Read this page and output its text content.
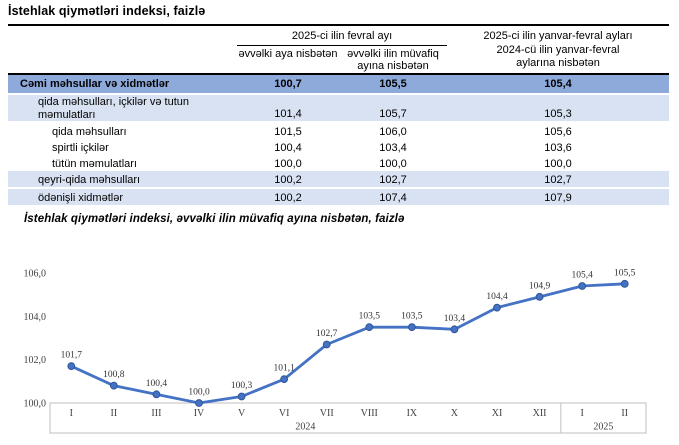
İstehlak qiymətləri indeksi, faizlə
2025-ci ilin fevral ayı
əvvəlki aya nisbətən əvvəlki ilin müvafiq ayına nisbətən
2025-ci ilin yanvar-fevral ayları
2024-cü ilin yanvar-fevral
aylarına nisbətən
Cəmi məhsullar və xidmətlər	100,7	105,5	105,4
qida məhsulları, içkilər və tutun məmulatları	101,4	105,7	105,3
qida məhsulları	101,5	106,0	105,6
spirtli içkilər	100,4	103,4	103,6
tütün məmulatları	100,0	100,0	100,0
qeyri-qida məhsulları	100,2	102,7	102,7
ödənişli xidmətlər	100,2	107,4	107,9
İstehlak qiymətləri indeksi, əvvəlki ilin müvafiq ayına nisbətən, faizlə
100,0
102,0
104,0
106,0
I	II	III	IV	V	VI	VII	VIII	IX	X	XI	XII	I	II
2024	2025
101,7
100,8
100,4
100,0
100,3
101,1
102,7
103,5 103,5 103,4
104,4
104,9
105,4 105,5
